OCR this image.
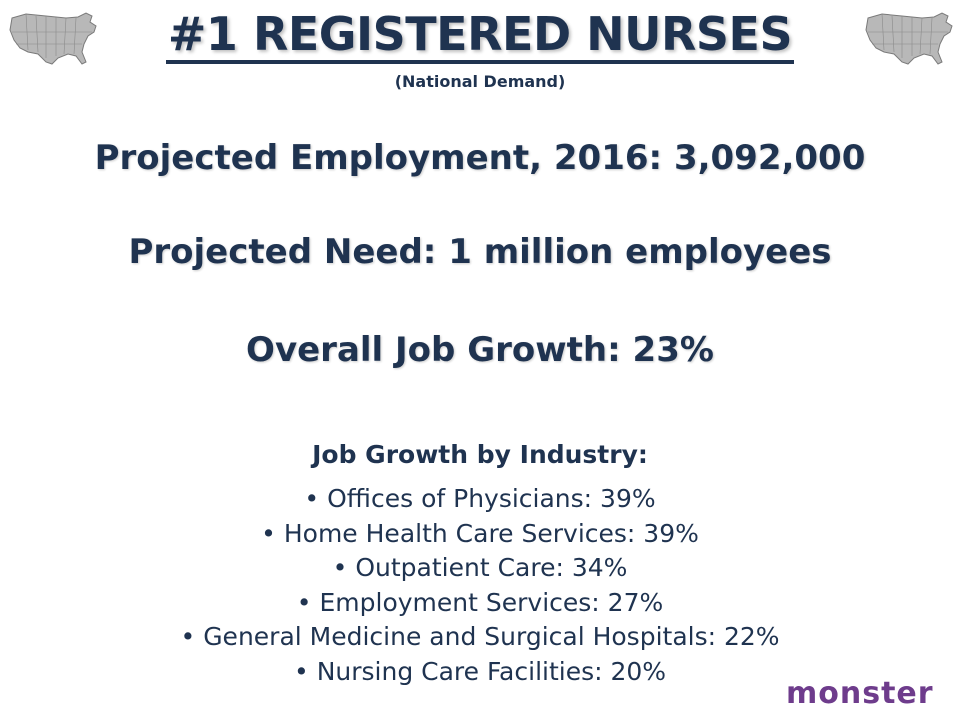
#1 REGISTERED NURSES
(National Demand)
Projected Employment, 2016: 3,092,000
Projected Need: 1 million employees
Overall Job Growth: 23%
Job Growth by Industry:
• Offices of Physicians: 39%
• Home Health Care Services: 39%
• Outpatient Care: 34%
• Employment Services: 27%
• General Medicine and Surgical Hospitals: 22%
• Nursing Care Facilities: 20%
monster
